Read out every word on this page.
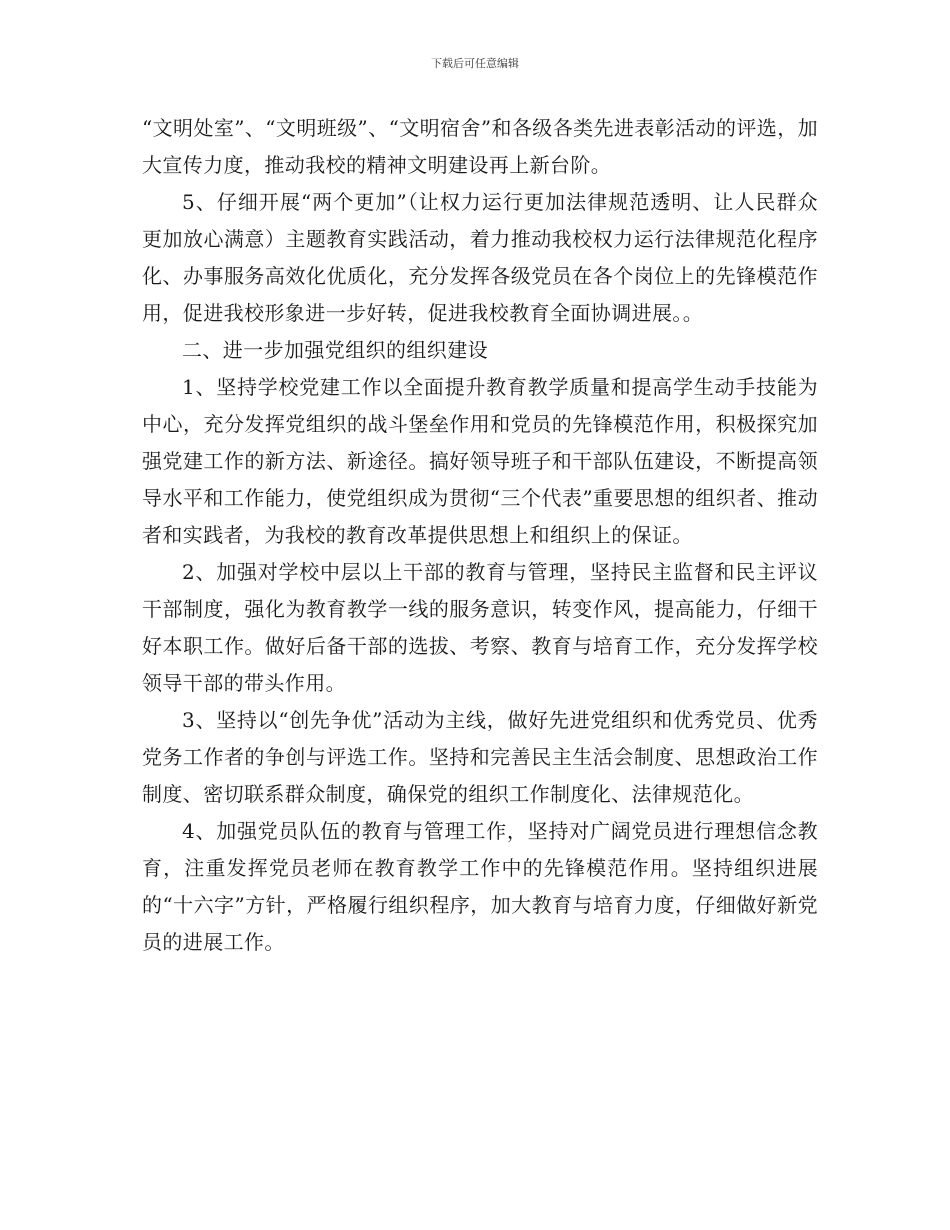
下载后可任意编辑

“文明处室”、“文明班级”、“文明宿舍”和各级各类先进表彰活动的评选，加大宣传力度，推动我校的精神文明建设再上新台阶。

5、仔细开展“两个更加”（让权力运行更加法律规范透明、让人民群众更加放心满意）主题教育实践活动，着力推动我校权力运行法律规范化程序化、办事服务高效化优质化，充分发挥各级党员在各个岗位上的先锋模范作用，促进我校形象进一步好转，促进我校教育全面协调进展。。

二、进一步加强党组织的组织建设

1、坚持学校党建工作以全面提升教育教学质量和提高学生动手技能为中心，充分发挥党组织的战斗堡垒作用和党员的先锋模范作用，积极探究加强党建工作的新方法、新途径。搞好领导班子和干部队伍建设，不断提高领导水平和工作能力，使党组织成为贯彻“三个代表”重要思想的组织者、推动者和实践者，为我校的教育改革提供思想上和组织上的保证。

2、加强对学校中层以上干部的教育与管理，坚持民主监督和民主评议干部制度，强化为教育教学一线的服务意识，转变作风，提高能力，仔细干好本职工作。做好后备干部的选拔、考察、教育与培育工作，充分发挥学校领导干部的带头作用。

3、坚持以“创先争优”活动为主线，做好先进党组织和优秀党员、优秀党务工作者的争创与评选工作。坚持和完善民主生活会制度、思想政治工作制度、密切联系群众制度，确保党的组织工作制度化、法律规范化。

4、加强党员队伍的教育与管理工作，坚持对广阔党员进行理想信念教育，注重发挥党员老师在教育教学工作中的先锋模范作用。坚持组织进展的“十六字”方针，严格履行组织程序，加大教育与培育力度，仔细做好新党员的进展工作。
